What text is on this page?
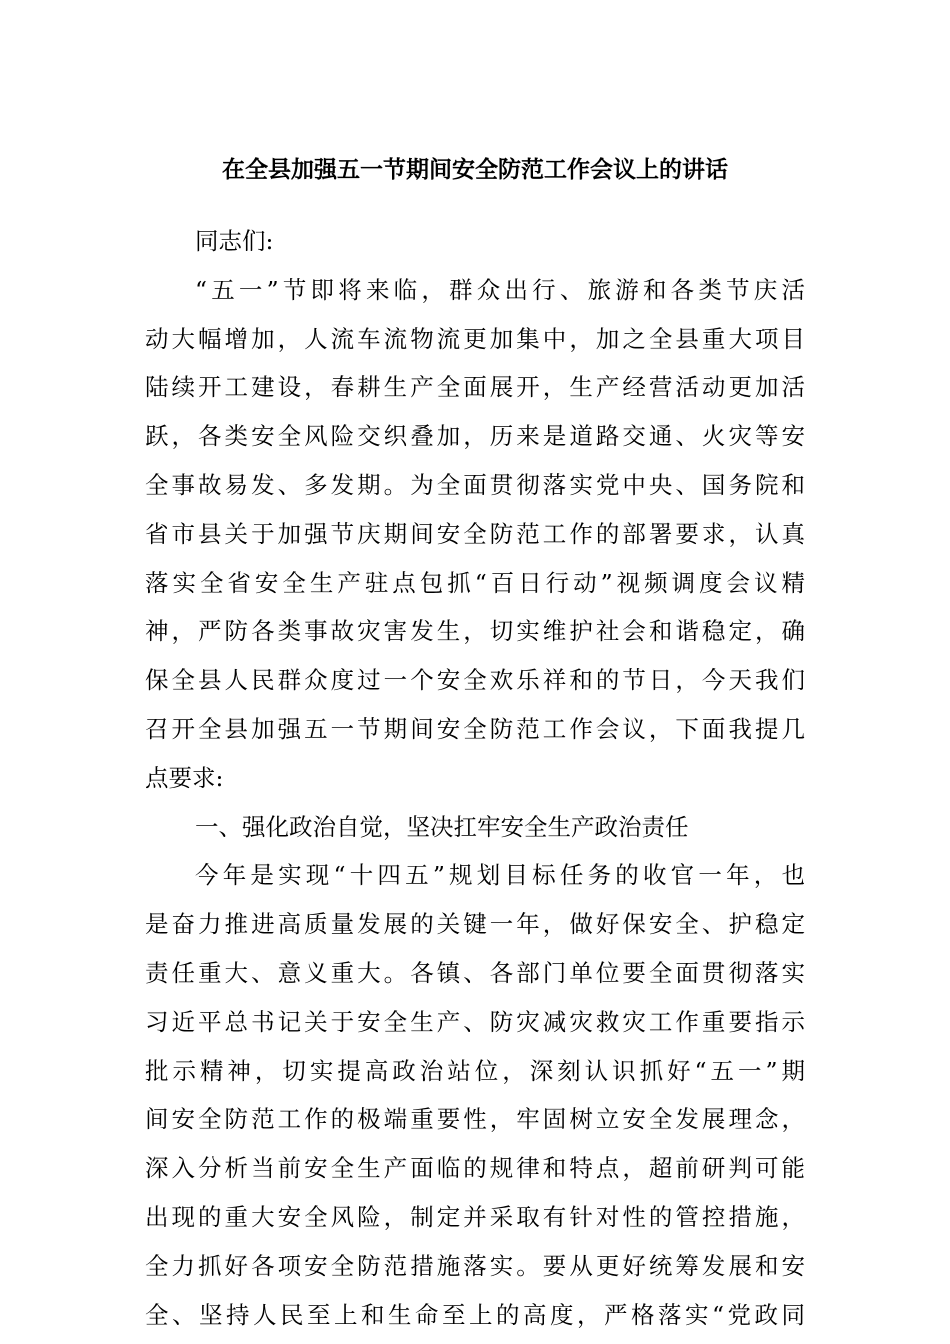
在全县加强五一节期间安全防范工作会议上的讲话
同志们:
“五一”节即将来临，群众出行、旅游和各类节庆活
动大幅增加，人流车流物流更加集中，加之全县重大项目
陆续开工建设，春耕生产全面展开，生产经营活动更加活
跃，各类安全风险交织叠加，历来是道路交通、火灾等安
全事故易发、多发期。为全面贯彻落实党中央、国务院和
省市县关于加强节庆期间安全防范工作的部署要求，认真
落实全省安全生产驻点包抓“百日行动”视频调度会议精
神，严防各类事故灾害发生，切实维护社会和谐稳定，确
保全县人民群众度过一个安全欢乐祥和的节日，今天我们
召开全县加强五一节期间安全防范工作会议，下面我提几
点要求:
一、强化政治自觉，坚决扛牢安全生产政治责任
今年是实现“十四五”规划目标任务的收官一年，也
是奋力推进高质量发展的关键一年，做好保安全、护稳定
责任重大、意义重大。各镇、各部门单位要全面贯彻落实
习近平总书记关于安全生产、防灾减灾救灾工作重要指示
批示精神，切实提高政治站位，深刻认识抓好“五一”期
间安全防范工作的极端重要性，牢固树立安全发展理念，
深入分析当前安全生产面临的规律和特点，超前研判可能
出现的重大安全风险，制定并采取有针对性的管控措施，
全力抓好各项安全防范措施落实。要从更好统筹发展和安
全、坚持人民至上和生命至上的高度，严格落实“党政同
